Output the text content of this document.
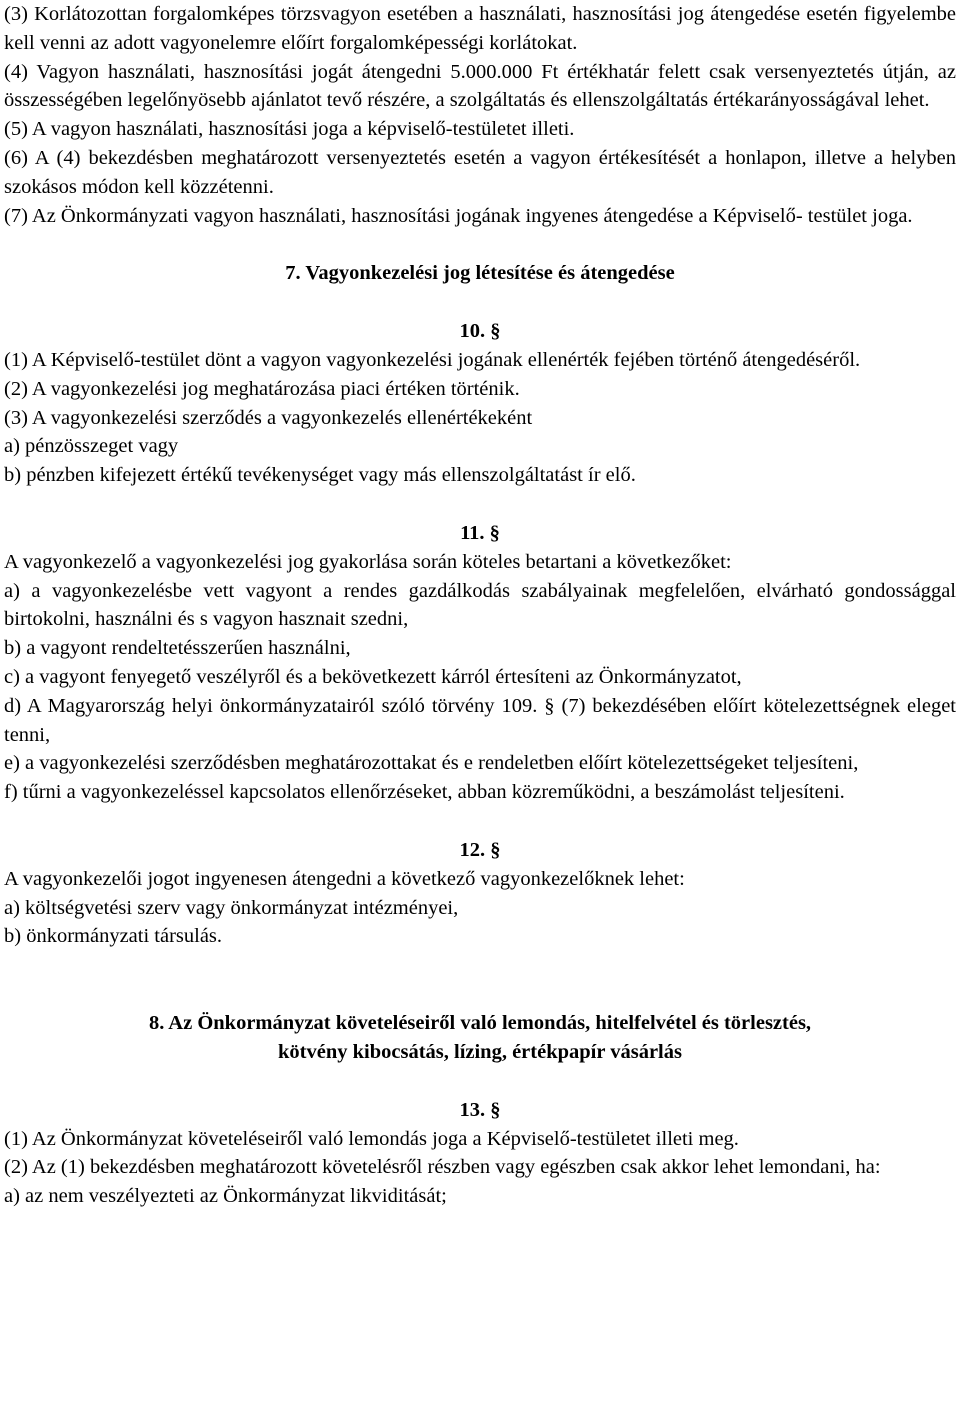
(3) Korlátozottan forgalomképes törzsvagyon esetében a használati, hasznosítási jog átengedése esetén figyelembe kell venni az adott vagyonelemre előírt forgalomképességi korlátokat.

(4) Vagyon használati, hasznosítási jogát átengedni 5.000.000 Ft értékhatár felett csak versenyeztetés útján, az összességében legelőnyösebb ajánlatot tevő részére, a szolgáltatás és ellenszolgáltatás értékarányosságával lehet.

(5) A vagyon használati, hasznosítási joga a képviselő-testületet illeti.

(6) A (4) bekezdésben meghatározott versenyeztetés esetén a vagyon értékesítését a honlapon, illetve a helyben szokásos módon kell közzétenni.

(7) Az Önkormányzati vagyon használati, hasznosítási jogának ingyenes átengedése a Képviselő- testület joga.

7. Vagyonkezelési jog létesítése és átengedése

10. §

(1) A Képviselő-testület dönt a vagyon vagyonkezelési jogának ellenérték fejében történő átengedéséről.

(2) A vagyonkezelési jog meghatározása piaci értéken történik.

(3) A vagyonkezelési szerződés a vagyonkezelés ellenértékeként

a) pénzösszeget vagy

b) pénzben kifejezett értékű tevékenységet vagy más ellenszolgáltatást ír elő.

11. §

A vagyonkezelő a vagyonkezelési jog gyakorlása során köteles betartani a következőket:

a) a vagyonkezelésbe vett vagyont a rendes gazdálkodás szabályainak megfelelően, elvárható gondossággal birtokolni, használni és s vagyon hasznait szedni,

b) a vagyont rendeltetésszerűen használni,

c) a vagyont fenyegető veszélyről és a bekövetkezett kárról értesíteni az Önkormányzatot,

d) A Magyarország helyi önkormányzatairól szóló törvény 109. § (7) bekezdésében előírt kötelezettségnek eleget tenni,

e) a vagyonkezelési szerződésben meghatározottakat és e rendeletben előírt kötelezettségeket teljesíteni,

f) tűrni a vagyonkezeléssel kapcsolatos ellenőrzéseket, abban közreműködni, a beszámolást teljesíteni.

12. §

A vagyonkezelői jogot ingyenesen átengedni a következő vagyonkezelőknek lehet:

a) költségvetési szerv vagy önkormányzat intézményei,

b) önkormányzati társulás.

8. Az Önkormányzat követeléseiről való lemondás, hitelfelvétel és törlesztés,

kötvény kibocsátás, lízing, értékpapír vásárlás

13. §

(1) Az Önkormányzat követeléseiről való lemondás joga a Képviselő-testületet illeti meg.

(2) Az (1) bekezdésben meghatározott követelésről részben vagy egészben csak akkor lehet lemondani, ha:

a) az nem veszélyezteti az Önkormányzat likviditását;
